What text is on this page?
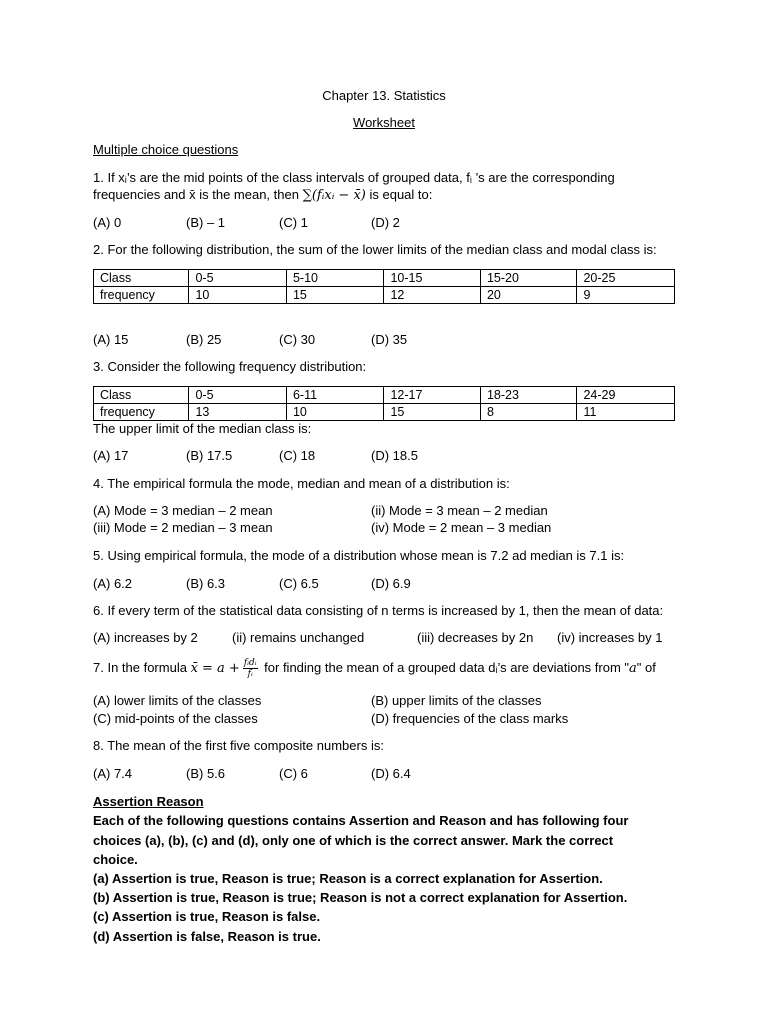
Chapter 13. Statistics
Worksheet
Multiple choice questions
1. If xᵢ’s are the mid points of the class intervals of grouped data, fᵢ ’s are the corresponding
frequencies and x̄ is the mean, then ∑(fᵢxᵢ − x̄) is equal to:
(A) 0	(B) – 1	(C) 1	(D) 2
2. For the following distribution, the sum of the lower limits of the median class and modal class is:
Class	0-5	5-10	10-15	15-20	20-25
frequency	10	15	12	20	9
(A) 15	(B) 25	(C) 30	(D) 35
3. Consider the following frequency distribution:
Class	0-5	6-11	12-17	18-23	24-29
frequency	13	10	15	8	11
The upper limit of the median class is:
(A) 17	(B) 17.5	(C) 18	(D) 18.5
4. The empirical formula the mode, median and mean of a distribution is:
(A) Mode = 3 median – 2 mean	(ii) Mode = 3 mean – 2 median
(iii) Mode = 2 median – 3 mean	(iv) Mode = 2 mean – 3 median
5. Using empirical formula, the mode of a distribution whose mean is 7.2 ad median is 7.1 is:
(A) 6.2	(B) 6.3	(C) 6.5	(D) 6.9
6. If every term of the statistical data consisting of n terms is increased by 1, then the mean of data:
(A) increases by 2	(ii) remains unchanged	(iii) decreases by 2n (iv) increases by 1
7. In the formula x̄ = $a + \frac{\text{fᵢdᵢ}}{\text{fᵢ}}$ for finding the mean of a grouped data dᵢ’s are deviations from "a" of
(A) lower limits of the classes	(B) upper limits of the classes
(C) mid-points of the classes	(D) frequencies of the class marks
8. The mean of the first five composite numbers is:
(A) 7.4	(B) 5.6	(C) 6	(D) 6.4
Assertion Reason
Each of the following questions contains Assertion and Reason and has following four
choices (a), (b), (c) and (d), only one of which is the correct answer. Mark the correct
choice.
(a) Assertion is true, Reason is true; Reason is a correct explanation for Assertion.
(b) Assertion is true, Reason is true; Reason is not a correct explanation for Assertion.
(c) Assertion is true, Reason is false.
(d) Assertion is false, Reason is true.
